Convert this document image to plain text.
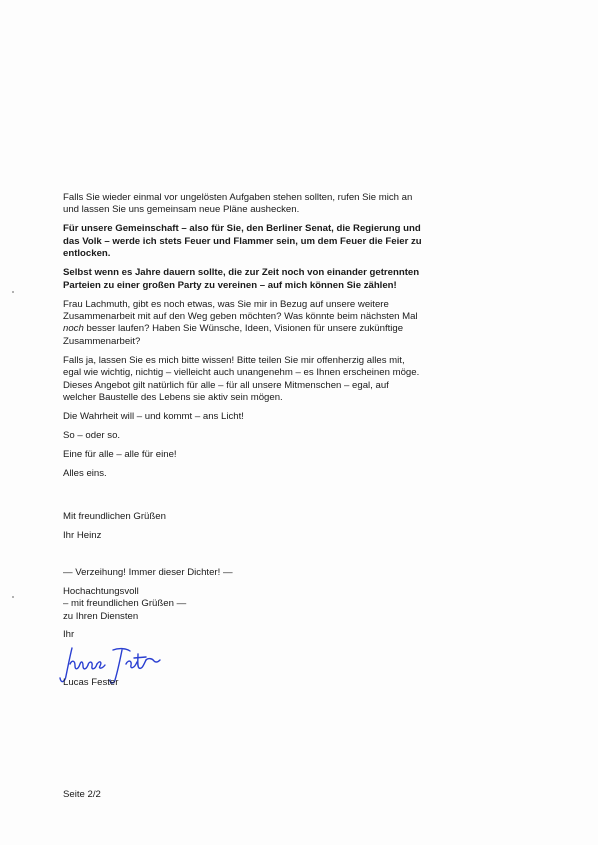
Falls Sie wieder einmal vor ungelösten Aufgaben stehen sollten, rufen Sie mich an und lassen Sie uns gemeinsam neue Pläne aushecken.

Für unsere Gemeinschaft – also für Sie, den Berliner Senat, die Regierung und das Volk – werde ich stets Feuer und Flammer sein, um dem Feuer die Feier zu entlocken.

Selbst wenn es Jahre dauern sollte, die zur Zeit noch von einander getrennten Parteien zu einer großen Party zu vereinen – auf mich können Sie zählen!

Frau Lachmuth, gibt es noch etwas, was Sie mir in Bezug auf unsere weitere Zusammenarbeit mit auf den Weg geben möchten? Was könnte beim nächsten Mal noch besser laufen? Haben Sie Wünsche, Ideen, Visionen für unsere zukünftige Zusammenarbeit?

Falls ja, lassen Sie es mich bitte wissen! Bitte teilen Sie mir offenherzig alles mit, egal wie wichtig, nichtig – vielleicht auch unangenehm – es Ihnen erscheinen möge. Dieses Angebot gilt natürlich für alle – für all unsere Mitmenschen – egal, auf welcher Baustelle des Lebens sie aktiv sein mögen.

Die Wahrheit will – und kommt – ans Licht!

So – oder so.

Eine für alle – alle für eine!

Alles eins.

Mit freundlichen Grüßen

Ihr Heinz

— Verzeihung! Immer dieser Dichter! —

Hochachtungsvoll

– mit freundlichen Grüßen —

zu Ihren Diensten

Ihr

Lucas Fester

Seite 2/2
